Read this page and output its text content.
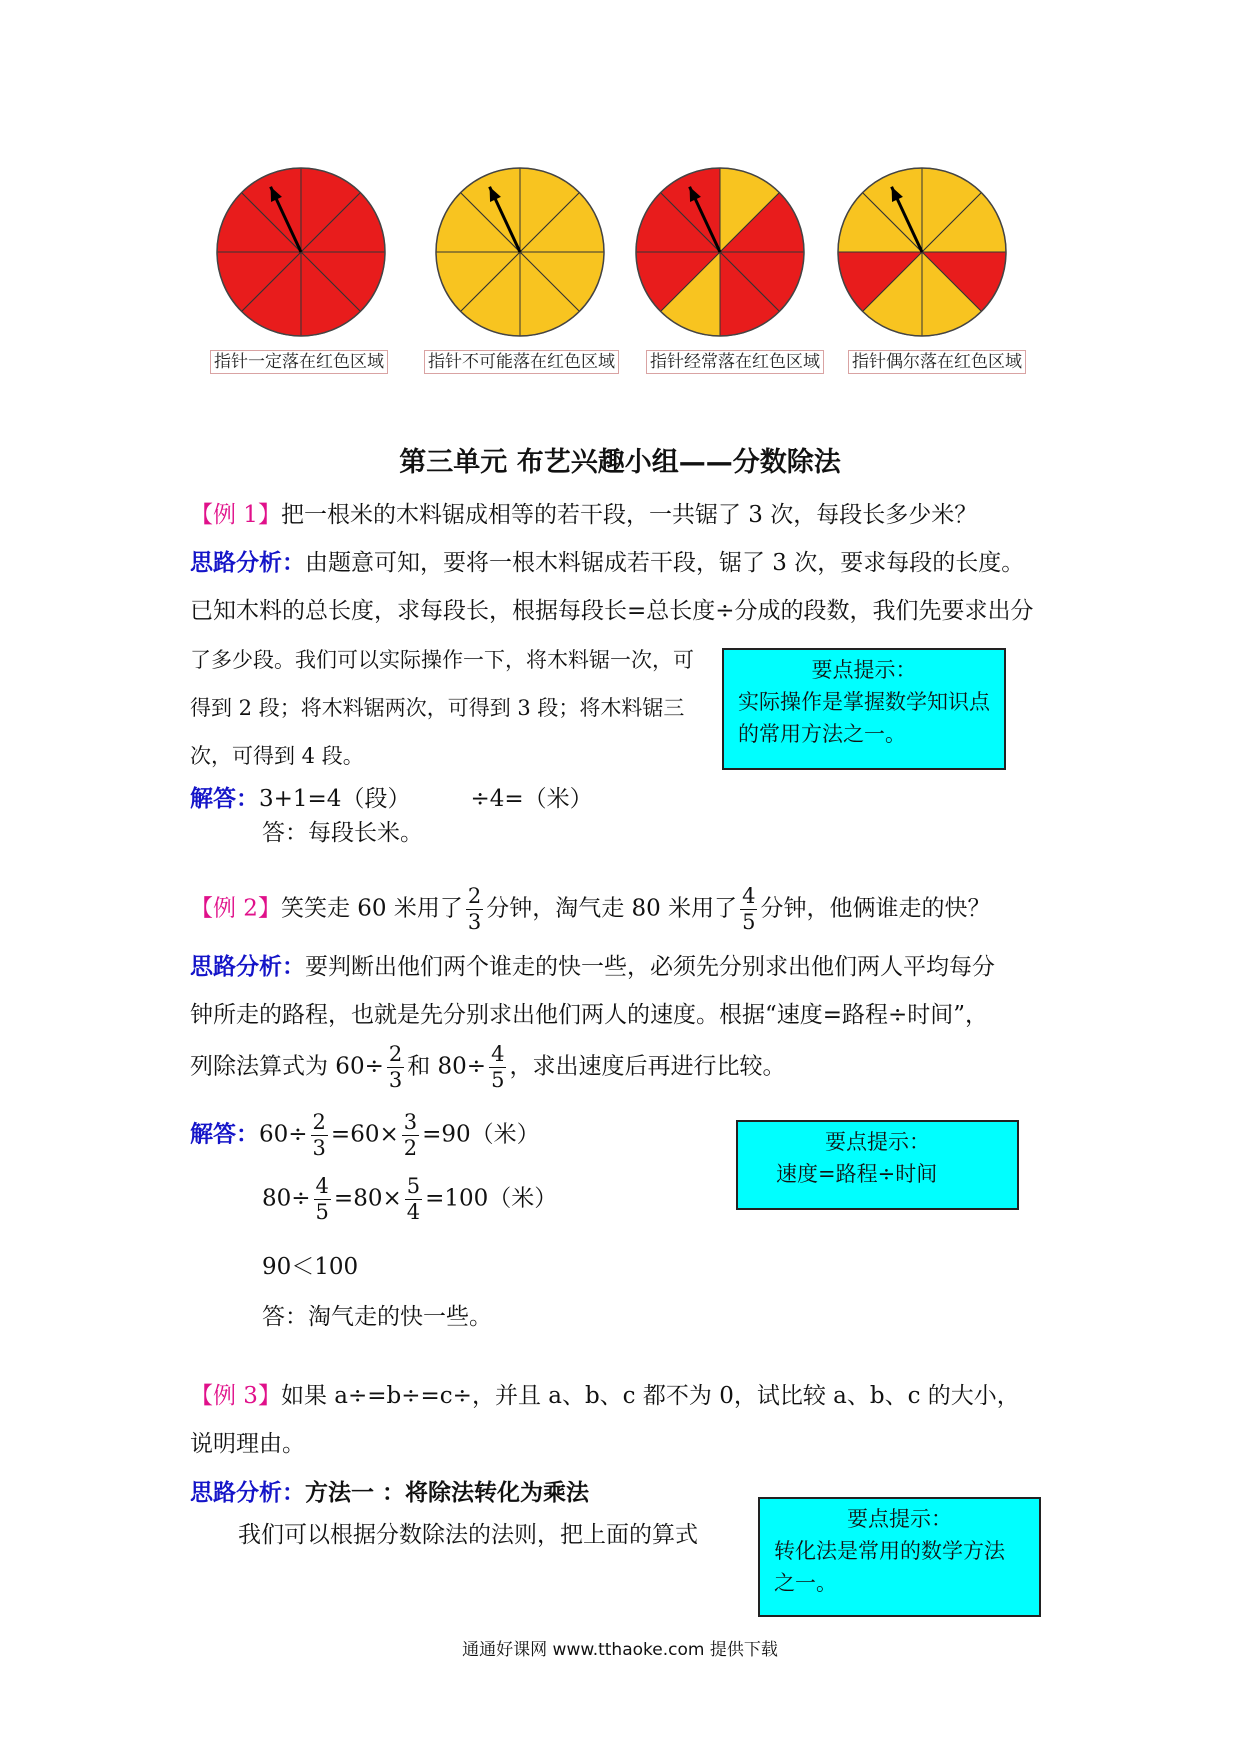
指针一定落在红色区域	指针不可能落在红色区域 指针经常落在红色区域 指针偶尔落在红色区域
第三单元 布艺兴趣小组——分数除法
【例 1】把一根米的木料锯成相等的若干段，一共锯了 3 次，每段长多少米？
思路分析：由题意可知，要将一根木料锯成若干段，锯了 3 次，要求每段的长度。
已知木料的总长度，求每段长，根据每段长=总长度÷分成的段数，我们先要求出分
了多少段。我们可以实际操作一下，将木料锯一次，可
得到 2 段；将木料锯两次，可得到 3 段；将木料锯三
次，可得到 4 段。
要点提示：
实际操作是掌握数学知识点的常用方法之一。
解答：3+1=4（段）	÷4=（米）
答：每段长米。
【例 2】笑笑走 60 米用了 $\frac{2}{3}$ 分钟，淘气走 80 米用了 $\frac{4}{5}$ 分钟，他俩谁走的快？
思路分析：要判断出他们两个谁走的快一些，必须先分别求出他们两人平均每分
钟所走的路程，也就是先分别求出他们两人的速度。根据“速度=路程÷时间”，
列除法算式为 $60\div \frac{2}{3}$ 和 $80\div \frac{4}{5}$ ，求出速度后再进行比较。
解答：$60\div \frac{2}{3} =60\times \frac{3}{2} =90$（米）
$80\div \frac{4}{5} =80\times \frac{5}{4} =100$（米）
90＜100
答：淘气走的快一些。
要点提示：
速度=路程÷时间
【例 3】如果 a÷=b÷=c÷，并且 a、b、c 都不为 0，试比较 a、b、c 的大小，
说明理由。
思路分析：方法一 ：将除法转化为乘法
我们可以根据分数除法的法则，把上面的算式
要点提示：
转化法是常用的数学方法之一。
通通好课网 www.tthaoke.com 提供下载
